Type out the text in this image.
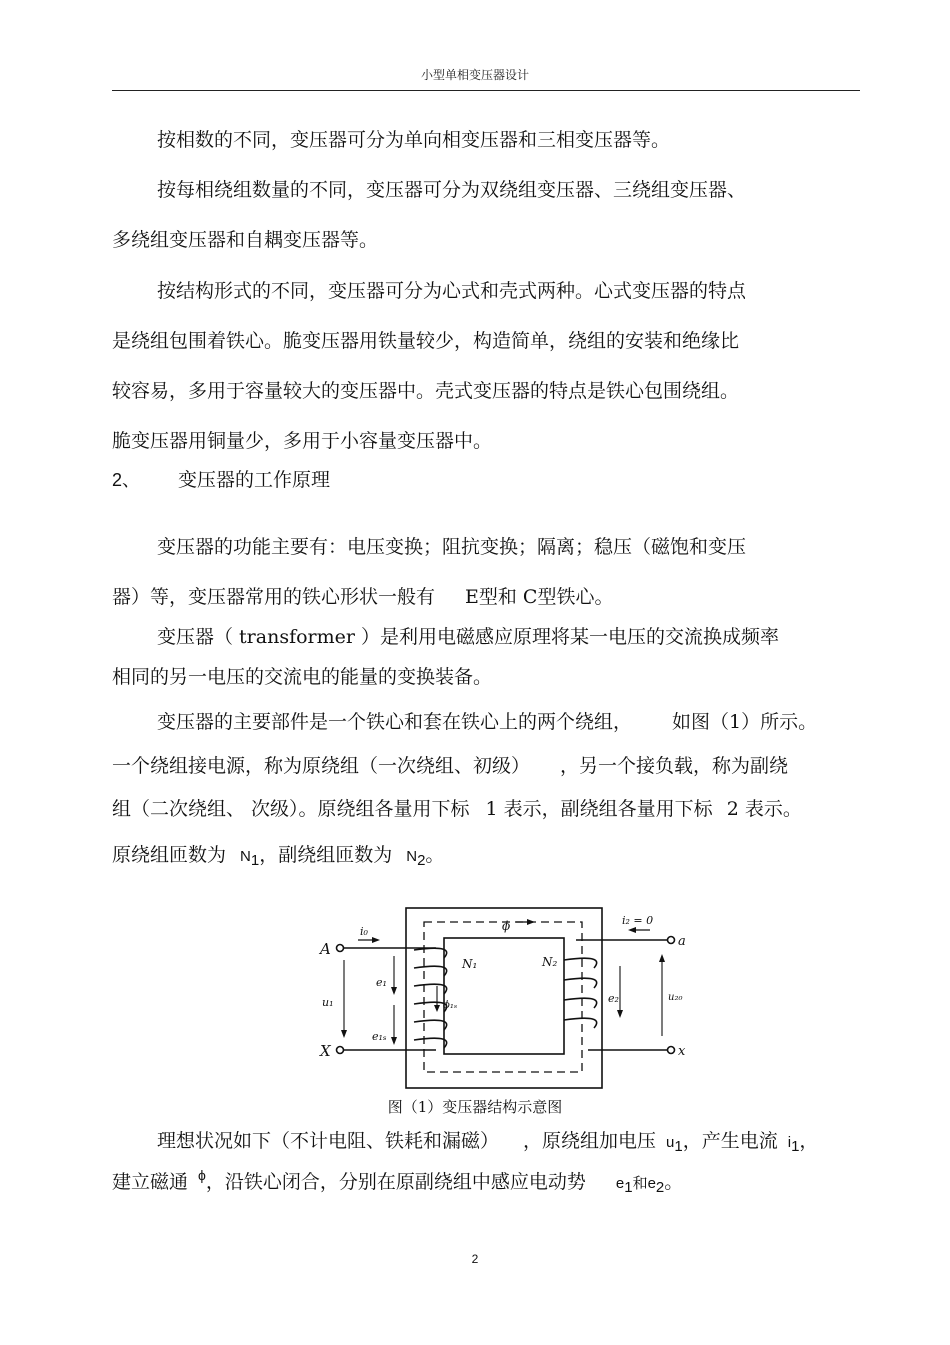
小型单相变压器设计
按相数的不同，变压器可分为单向相变压器和三相变压器等。
按每相绕组数量的不同，变压器可分为双绕组变压器、三绕组变压器、
多绕组变压器和自耦变压器等。
按结构形式的不同，变压器可分为心式和壳式两种。心式变压器的特点
是绕组包围着铁心。脆变压器用铁量较少，构造简单，绕组的安装和绝缘比
较容易，多用于容量较大的变压器中。壳式变压器的特点是铁心包围绕组。
脆变压器用铜量少，多用于小容量变压器中。
2、 变压器的工作原理
变压器的功能主要有：电压变换；阻抗变换；隔离；稳压（磁饱和变压
器）等，变压器常用的铁心形状一般有 E型和 C型铁心。
变压器（ transformer ）是利用电磁感应原理将某一电压的交流换成频率
相同的另一电压的交流电的能量的变换装备。
变压器的主要部件是一个铁心和套在铁心上的两个绕组， 如图（1）所示。
一个绕组接电源，称为原绕组（一次绕组、初级） ，另一个接负载，称为副绕
组（二次绕组、 次级）。原绕组各量用下标 1 表示，副绕组各量用下标 2 表示。
原绕组匝数为 $N_1$，副绕组匝数为 $N_2$。
A
X
a
x
i₀
i₂ = 0
ϕ
N₁	N₂
e₁
e₁ₛ
u₁	ϕ₁ₛ
e₂	u₂₀
图（1）变压器结构示意图
理想状况如下（不计电阻、铁耗和漏磁） ，原绕组加电压 $u_1$，产生电流 $i_1$，
建立磁通 $^\phi$，沿铁心闭合，分别在原副绕组中感应电动势 $e_1$和$e_2$。
2
